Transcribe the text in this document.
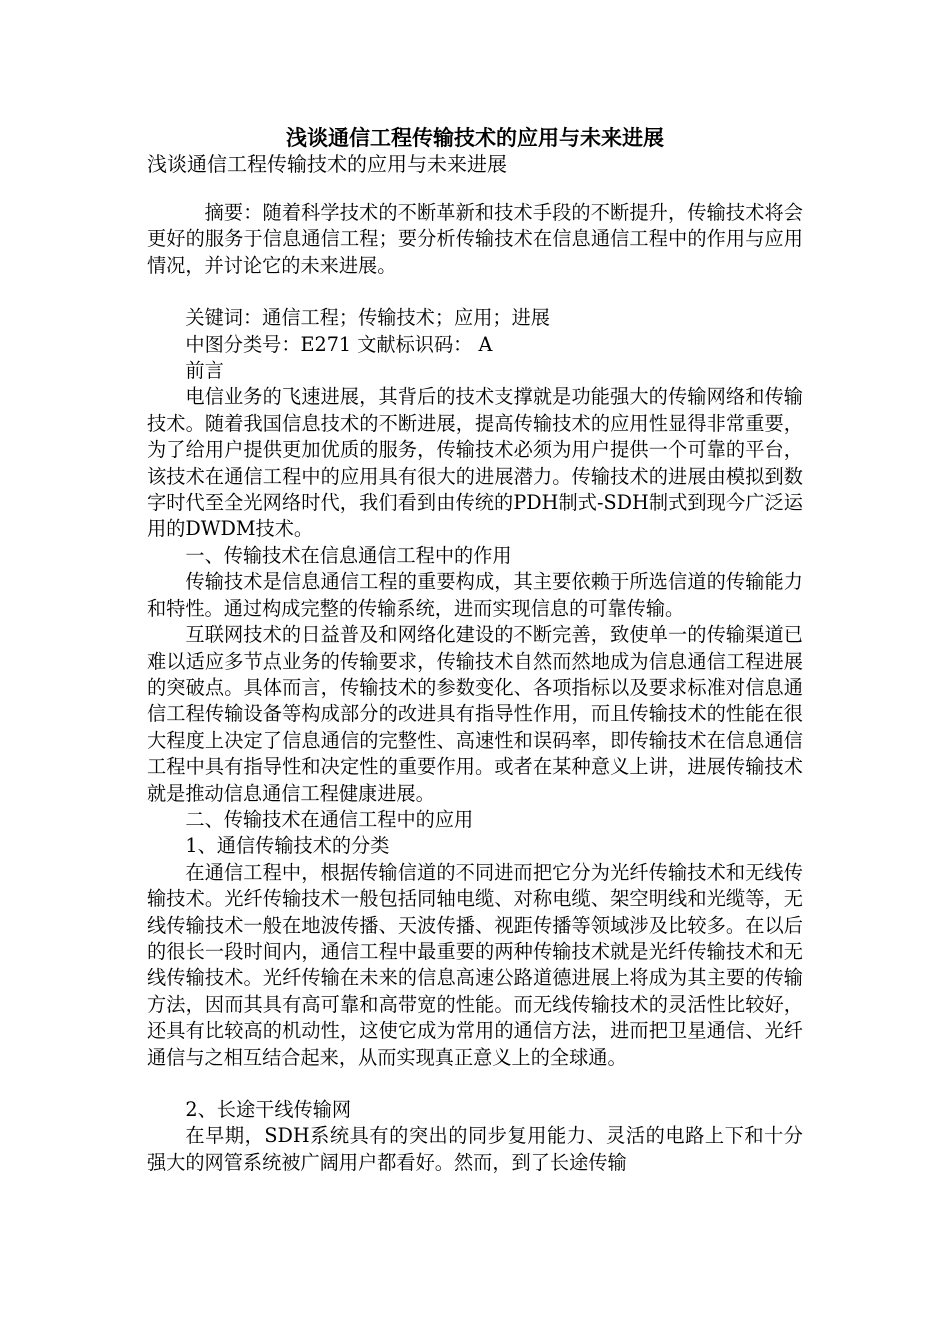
浅谈通信工程传输技术的应用与未来进展
浅谈通信工程传输技术的应用与未来进展

摘要：随着科学技术的不断革新和技术手段的不断提升，传输技术将会更好的服务于信息通信工程；要分析传输技术在信息通信工程中的作用与应用情况，并讨论它的未来进展。

关键词：通信工程；传输技术；应用；进展

中图分类号：E271 文献标识码： A

前言

电信业务的飞速进展，其背后的技术支撑就是功能强大的传输网络和传输技术。随着我国信息技术的不断进展，提高传输技术的应用性显得非常重要，为了给用户提供更加优质的服务，传输技术必须为用户提供一个可靠的平台，该技术在通信工程中的应用具有很大的进展潜力。传输技术的进展由模拟到数字时代至全光网络时代，我们看到由传统的PDH制式-SDH制式到现今广泛运用的DWDM技术。

一、传输技术在信息通信工程中的作用

传输技术是信息通信工程的重要构成，其主要依赖于所选信道的传输能力和特性。通过构成完整的传输系统，进而实现信息的可靠传输。

互联网技术的日益普及和网络化建设的不断完善，致使单一的传输渠道已难以适应多节点业务的传输要求，传输技术自然而然地成为信息通信工程进展的突破点。具体而言，传输技术的参数变化、各项指标以及要求标准对信息通信工程传输设备等构成部分的改进具有指导性作用，而且传输技术的性能在很大程度上决定了信息通信的完整性、高速性和误码率，即传输技术在信息通信工程中具有指导性和决定性的重要作用。或者在某种意义上讲，进展传输技术就是推动信息通信工程健康进展。

二、传输技术在通信工程中的应用

1、通信传输技术的分类

在通信工程中，根据传输信道的不同进而把它分为光纤传输技术和无线传输技术。光纤传输技术一般包括同轴电缆、对称电缆、架空明线和光缆等，无线传输技术一般在地波传播、天波传播、视距传播等领域涉及比较多。在以后的很长一段时间内，通信工程中最重要的两种传输技术就是光纤传输技术和无线传输技术。光纤传输在未来的信息高速公路道德进展上将成为其主要的传输方法，因而其具有高可靠和高带宽的性能。而无线传输技术的灵活性比较好，还具有比较高的机动性，这使它成为常用的通信方法，进而把卫星通信、光纤通信与之相互结合起来，从而实现真正意义上的全球通。

2、长途干线传输网

在早期，SDH系统具有的突出的同步复用能力、灵活的电路上下和十分强大的网管系统被广阔用户都看好。然而，到了长途传输
